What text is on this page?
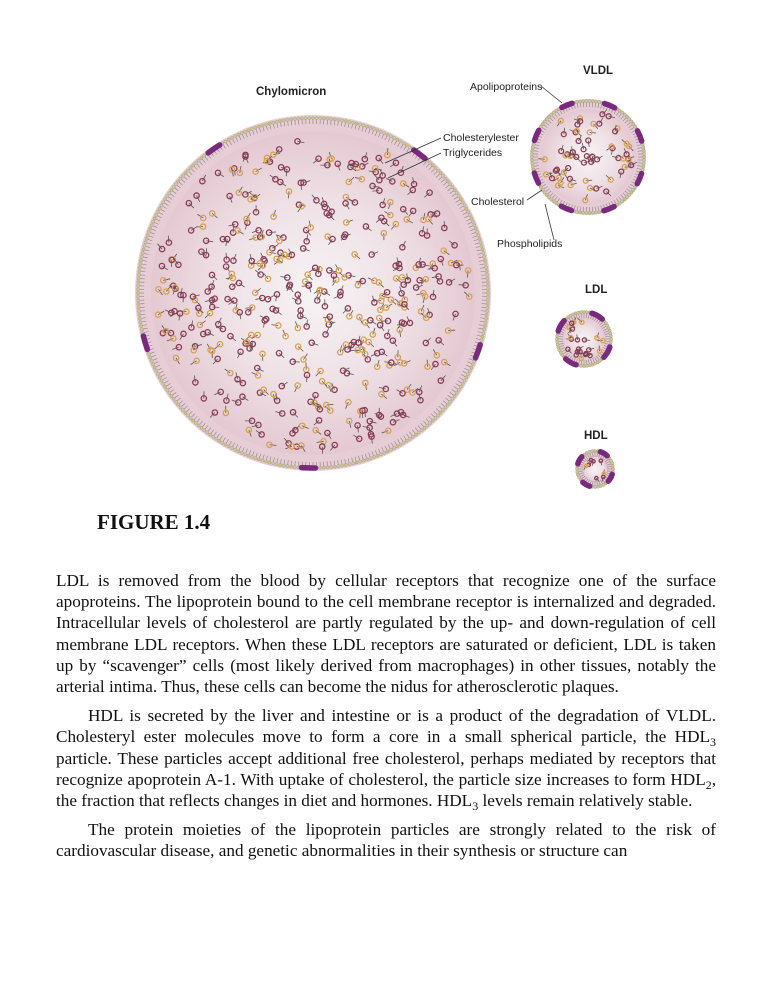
Chylomicron
VLDL
LDL
HDL
Apolipoproteins
Cholesterylester
Triglycerides
Cholesterol
Phospholipids
FIGURE 1.4

LDL is removed from the blood by cellular receptors that recognize one of the surface apoproteins. The lipoprotein bound to the cell membrane receptor is internalized and degraded. Intracellular levels of cholesterol are partly regulated by the up- and down-regulation of cell membrane LDL receptors. When these LDL receptors are saturated or deficient, LDL is taken up by “scavenger” cells (most likely derived from macrophages) in other tissues, notably the arterial intima. Thus, these cells can become the nidus for atherosclerotic plaques.

HDL is secreted by the liver and intestine or is a product of the degradation of VLDL. Cholesteryl ester molecules move to form a core in a small spherical particle, the $HDL_3$ particle. These particles accept additional free cholesterol, perhaps mediated by receptors that recognize apoprotein A-1. With uptake of cholesterol, the particle size increases to form $HDL_2$, the fraction that reflects changes in diet and hormones. $HDL_3$ levels remain relatively stable.

The protein moieties of the lipoprotein particles are strongly related to the risk of cardiovascular disease, and genetic abnormalities in their synthesis or structure can
